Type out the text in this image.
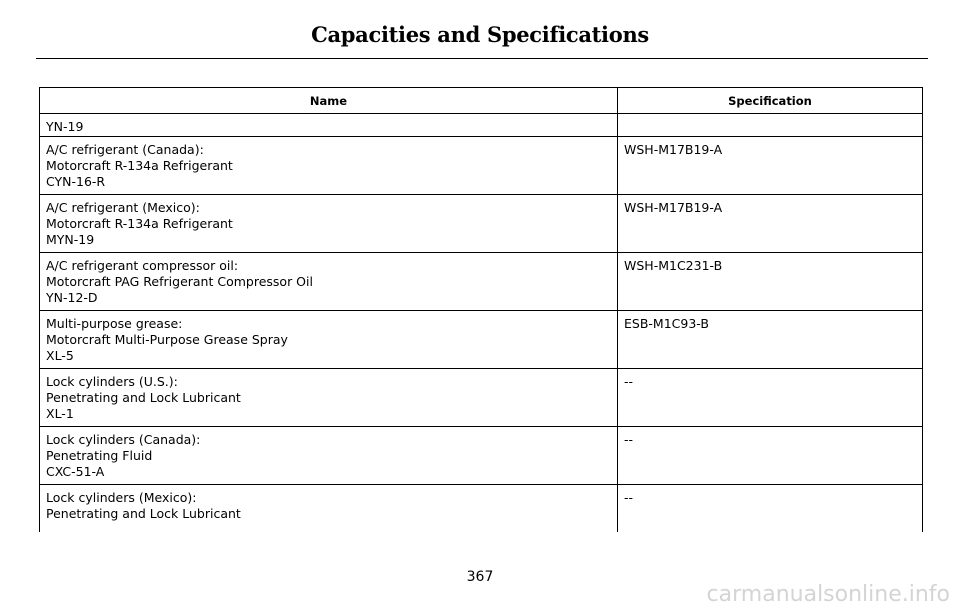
Capacities and Specifications
Name	Specification

YN-19	

A/C refrigerant (Canada):
Motorcraft R-134a Refrigerant
CYN-16-R	WSH-M17B19-A

A/C refrigerant (Mexico):
Motorcraft R-134a Refrigerant
MYN-19	WSH-M17B19-A

A/C refrigerant compressor oil:
Motorcraft PAG Refrigerant Compressor Oil
YN-12-D	WSH-M1C231-B

Multi-purpose grease:
Motorcraft Multi-Purpose Grease Spray
XL-5	ESB-M1C93-B

Lock cylinders (U.S.):
Penetrating and Lock Lubricant
XL-1	--

Lock cylinders (Canada):
Penetrating Fluid
CXC-51-A	--

Lock cylinders (Mexico):
Penetrating and Lock Lubricant	--
367
carmanualsonline.info
